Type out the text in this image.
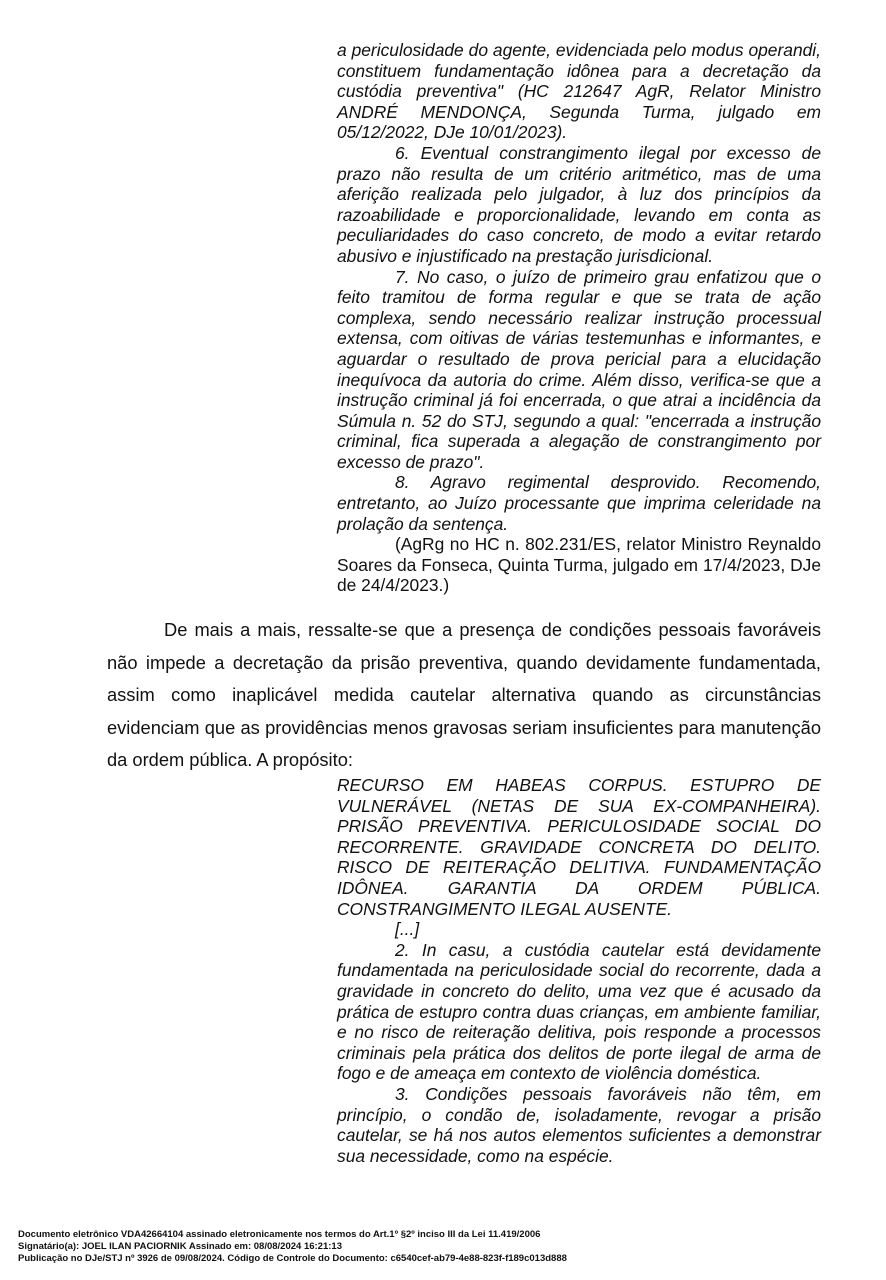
a periculosidade do agente, evidenciada pelo modus operandi, constituem fundamentação idônea para a decretação da custódia preventiva" (HC 212647 AgR, Relator Ministro ANDRÉ MENDONÇA, Segunda Turma, julgado em 05/12/2022, DJe 10/01/2023).

6. Eventual constrangimento ilegal por excesso de prazo não resulta de um critério aritmético, mas de uma aferição realizada pelo julgador, à luz dos princípios da razoabilidade e proporcionalidade, levando em conta as peculiaridades do caso concreto, de modo a evitar retardo abusivo e injustificado na prestação jurisdicional.

7. No caso, o juízo de primeiro grau enfatizou que o feito tramitou de forma regular e que se trata de ação complexa, sendo necessário realizar instrução processual extensa, com oitivas de várias testemunhas e informantes, e aguardar o resultado de prova pericial para a elucidação inequívoca da autoria do crime. Além disso, verifica-se que a instrução criminal já foi encerrada, o que atrai a incidência da Súmula n. 52 do STJ, segundo a qual: "encerrada a instrução criminal, fica superada a alegação de constrangimento por excesso de prazo".

8. Agravo regimental desprovido. Recomendo, entretanto, ao Juízo processante que imprima celeridade na prolação da sentença.

(AgRg no HC n. 802.231/ES, relator Ministro Reynaldo Soares da Fonseca, Quinta Turma, julgado em 17/4/2023, DJe de 24/4/2023.)

De mais a mais, ressalte-se que a presença de condições pessoais favoráveis não impede a decretação da prisão preventiva, quando devidamente fundamentada, assim como inaplicável medida cautelar alternativa quando as circunstâncias evidenciam que as providências menos gravosas seriam insuficientes para manutenção da ordem pública. A propósito:

RECURSO EM HABEAS CORPUS. ESTUPRO DE VULNERÁVEL (NETAS DE SUA EX-COMPANHEIRA). PRISÃO PREVENTIVA. PERICULOSIDADE SOCIAL DO RECORRENTE. GRAVIDADE CONCRETA DO DELITO. RISCO DE REITERAÇÃO DELITIVA. FUNDAMENTAÇÃO IDÔNEA. GARANTIA DA ORDEM PÚBLICA. CONSTRANGIMENTO ILEGAL AUSENTE.

[...]

2. In casu, a custódia cautelar está devidamente fundamentada na periculosidade social do recorrente, dada a gravidade in concreto do delito, uma vez que é acusado da prática de estupro contra duas crianças, em ambiente familiar, e no risco de reiteração delitiva, pois responde a processos criminais pela prática dos delitos de porte ilegal de arma de fogo e de ameaça em contexto de violência doméstica.

3. Condições pessoais favoráveis não têm, em princípio, o condão de, isoladamente, revogar a prisão cautelar, se há nos autos elementos suficientes a demonstrar sua necessidade, como na espécie.

Documento eletrônico VDA42664104 assinado eletronicamente nos termos do Art.1º §2º inciso III da Lei 11.419/2006
Signatário(a): JOEL ILAN PACIORNIK Assinado em: 08/08/2024 16:21:13
Publicação no DJe/STJ nº 3926 de 09/08/2024. Código de Controle do Documento: c6540cef-ab79-4e88-823f-f189c013d888
